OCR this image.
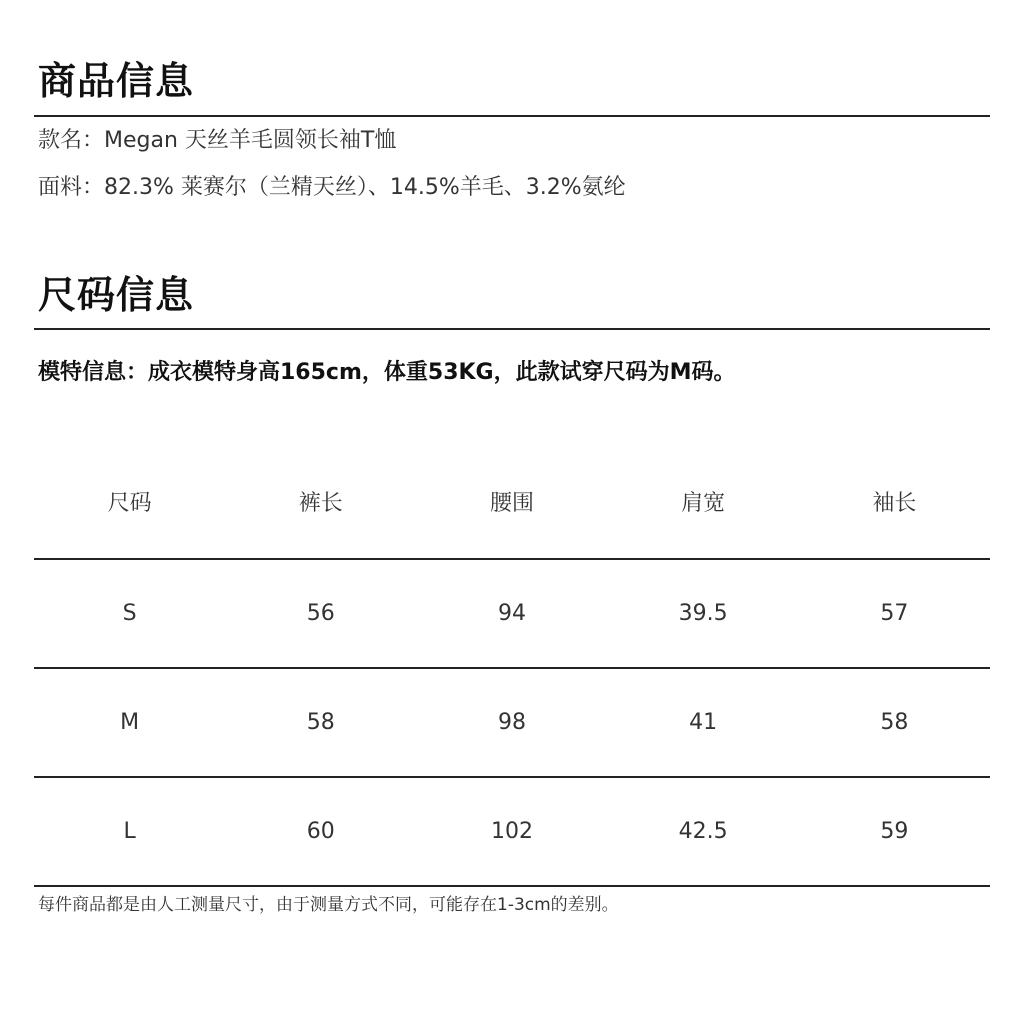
商品信息
款名：Megan 天丝羊毛圆领长袖T恤
面料：82.3% 莱赛尔（兰精天丝）、14.5%羊毛、3.2%氨纶
尺码信息
模特信息：成衣模特身高165cm，体重53KG，此款试穿尺码为M码。
尺码	裤长	腰围	肩宽	袖长
S	56	94	39.5	57
M	58	98	41	58
L	60	102	42.5	59
每件商品都是由人工测量尺寸，由于测量方式不同，可能存在1-3cm的差别。
